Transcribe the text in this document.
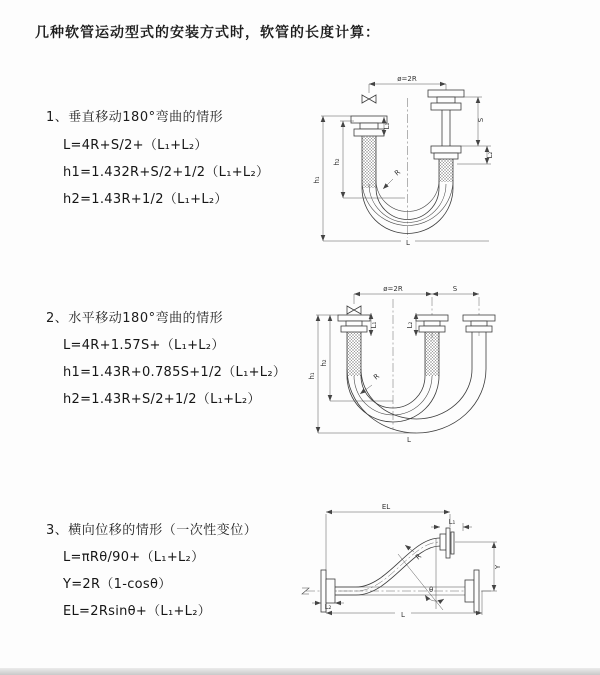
几种软管运动型式的安装方式时，软管的长度计算：
1、垂直移动180°弯曲的情形
L=4R+S/2+（L₁+L₂）
h1=1.432R+S/2+1/2（L₁+L₂）
h2=1.43R+1/2（L₁+L₂）
2、水平移动180°弯曲的情形
L=4R+1.57S+（L₁+L₂）
h1=1.43R+0.785S+1/2（L₁+L₂）
h2=1.43R+S/2+1/2（L₁+L₂）
3、横向位移的情形（一次性变位）
L=πRθ/90+（L₁+L₂）
Y=2R（1-cosθ）
EL=2Rsinθ+（L₁+L₂）
ø=2R
R
L₁
S
L₂
h₁
h₂
L
ø=2R	S
R
L₁	L₂
h₁
h₂
L
EL
L₁
Y
θ
R
L₂
L
